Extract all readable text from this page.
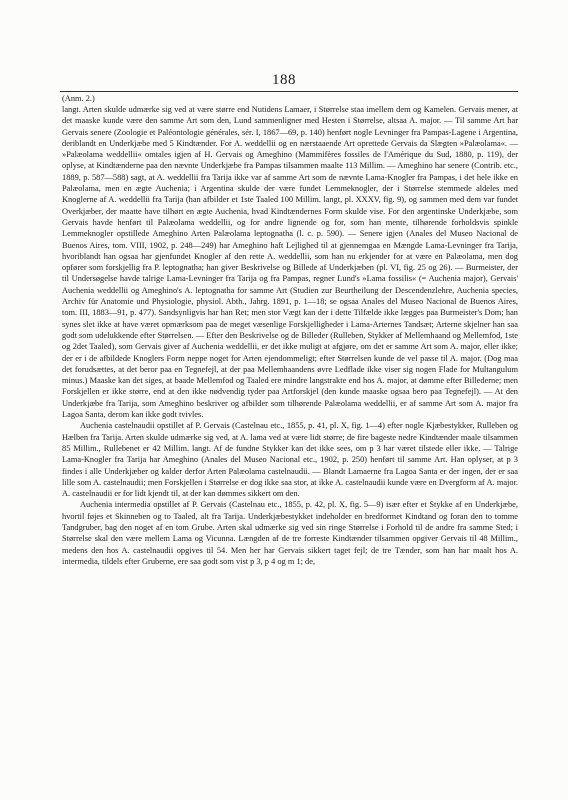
188
(Anm. 2.)

langt. Arten skulde udmærke sig ved at være større end Nutidens Lamaer, i Størrelse staa imellem dem og Kamelen. Gervais mener, at det maaske kunde være den samme Art som den, Lund sammenligner med Hesten i Størrelse, altsaa A. major. — Til samme Art har Gervais senere (Zoologie et Paléontologie générales, sér. I, 1867—69, p. 140) henført nogle Levninger fra Pampas-Lagene i Argentina, deriblandt en Underkjæbe med 5 Kindtænder. For A. weddellii og en nærstaaende Art oprettede Gervais da Slægten »Palæolama«. — »Palæolama weddellii« omtales igjen af H. Gervais og Ameghino (Mammifères fossiles de l'Amérique du Sud, 1880, p. 119), der oplyse, at Kindtænderne paa den nævnte Underkjæbe fra Pampas tilsammen maalte 113 Millim. — Ameghino har senere (Contrib. etc., 1889, p. 587—588) sagt, at A. weddellii fra Tarija ikke var af samme Art som de nævnte Lama-Knogler fra Pampas, i det hele ikke en Palæolama, men en ægte Auchenia; i Argentina skulde der være fundet Lemmeknogler, der i Størrelse stemmede aldeles med Knoglerne af A. weddellii fra Tarija (han afbilder et 1ste Taaled 100 Millim. langt, pl. XXXV, fig. 9), og sammen med dem var fundet Overkjæber, der maatte have tilhørt en ægte Auchenia, hvad Kindtændernes Form skulde vise. For den argentinske Underkjæbe, som Gervais havde henført til Palæolama weddellii, og for andre lignende og for, som han mente, tilhørende forholdsvis spinkle Lemmeknogler opstillede Ameghino Arten Palæolama leptognatha (l. c. p. 590). — Senere igjen (Anales del Museo Nacional de Buenos Aires, tom. VIII, 1902, p. 248—249) har Ameghino haft Lejlighed til at gjennemgaa en Mængde Lama-Levninger fra Tarija, hvoriblandt han ogsaa har gjenfundet Knogler af den rette A. weddellii, som han nu erkjender for at være en Palæolama, men dog opfører som forskjellig fra P. leptognatha; han giver Beskrivelse og Billede af Underkjæben (pl. VI, fig. 25 og 26). — Burmeister, der til Undersøgelse havde talrige Lama-Levninger fra Tarija og fra Pampas, regner Lund's »Lama fossilis« (= Auchenia major), Gervais' Auchenia weddellii og Ameghino's A. leptognatha for samme Art (Studien zur Beurtheilung der Descendenzlehre, Auchenia species, Archiv für Anatomie und Physiologie, physiol. Abth., Jahrg. 1891, p. 1—18; se ogsaa Anales del Museo Nacional de Buenos Aires, tom. III, 1883—91, p. 477). Sandsynligvis har han Ret; men stor Vægt kan der i dette Tilfælde ikke lægges paa Burmeister's Dom; han synes slet ikke at have været opmærksom paa de meget væsenlige Forskjelligheder i Lama-Arternes Tandsæt; Arterne skjelner han saa godt som udelukkende efter Størrelsen. — Efter den Beskrivelse og de Billeder (Rulleben, Stykker af Mellemhaand og Mellemfod, 1ste og 2det Taaled), som Gervais giver af Auchenia weddellii, er det ikke muligt at afgjøre, om det er samme Art som A. major, eller ikke; der er i de afbildede Knoglers Form neppe noget for Arten ejendommeligt; efter Størrelsen kunde de vel passe til A. major. (Dog maa det forudsættes, at det beror paa en Tegnefejl, at der paa Mellemhaandens øvre Ledflade ikke viser sig nogen Flade for Multangulum minus.) Maaske kan det siges, at baade Mellemfod og Taaled ere mindre langstrakte end hos A. major, at dømme efter Billederne; men Forskjellen er ikke større, end at den ikke nødvendig tyder paa Artforskjel (den kunde maaske ogsaa bero paa Tegnefejl). — At den Underkjæbe fra Tarija, som Ameghino beskriver og afbilder som tilhørende Palæolama weddellii, er af samme Art som A. major fra Lagoa Santa, derom kan ikke godt tvivles.

Auchenia castelnaudii opstillet af P. Gervais (Castelnau etc., 1855, p. 41, pl. X, fig. 1—4) efter nogle Kjæbestykker, Rulleben og Hælben fra Tarija. Arten skulde udmærke sig ved, at A. lama ved at være lidt større; de fire bageste nedre Kindtænder maale tilsammen 85 Millim., Rullebenet er 42 Millim. langt. Af de fundne Stykker kan det ikke sees, om p 3 har været tilstede eller ikke. — Talrige Lama-Knogler fra Tarija har Ameghino (Anales del Museo Nacional etc., 1902, p. 250) henført til samme Art. Han oplyser, at p 3 findes i alle Underkjæber og kalder derfor Arten Palæolama castelnaudii. — Blandt Lamaerne fra Lagoa Santa er der ingen, der er saa lille som A. castelnaudii; men Forskjellen i Størrelse er dog ikke saa stor, at ikke A. castelnaudii kunde være en Dvergform af A. major. A. castelnaudii er for lidt kjendt til, at der kan dømmes sikkert om den.

Auchenia intermedia opstillet af P. Gervais (Castelnau etc., 1855, p. 42, pl. X, fig. 5—9) især efter et Stykke af en Underkjæbe, hvortil føjes et Skinneben og to Taaled, alt fra Tarija. Underkjæbestykket indeholder en bredformet Kindtand og foran den to tomme Tandgruber, bag den noget af en tom Grube. Arten skal udmærke sig ved sin ringe Størrelse i Forhold til de andre fra samme Sted; i Størrelse skal den være mellem Lama og Vicunna. Længden af de tre forreste Kindtænder tilsammen opgiver Gervais til 48 Millim., medens den hos A. castelnaudii opgives til 54. Men her har Gervais sikkert taget fejl; de tre Tænder, som han har maalt hos A. intermedia, tildels efter Gruberne, ere saa godt som vist p 3, p 4 og m 1; de,
